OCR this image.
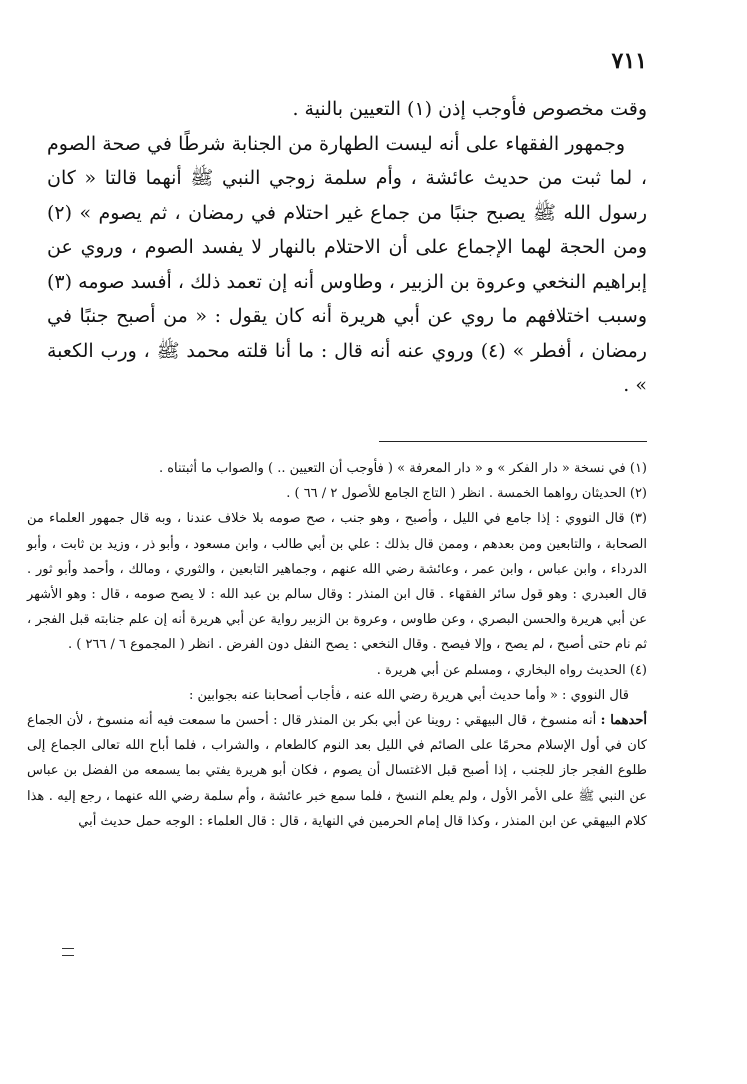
٧١١

وقت مخصوص فأوجب إذن (١) التعيين بالنية .

وجمهور الفقهاء على أنه ليست الطهارة من الجنابة شرطًا في صحة الصوم ، لما ثبت من حديث عائشة ، وأم سلمة زوجي النبي ﷺ أنهما قالتا « كان رسول الله ﷺ يصبح جنبًا من جماع غير احتلام في رمضان ، ثم يصوم » (٢) ومن الحجة لهما الإجماع على أن الاحتلام بالنهار لا يفسد الصوم ، وروي عن إبراهيم النخعي وعروة بن الزبير ، وطاوس أنه إن تعمد ذلك ، أفسد صومه (٣) وسبب اختلافهم ما روي عن أبي هريرة أنه كان يقول : « من أصبح جنبًا في رمضان ، أفطر » (٤) وروي عنه أنه قال : ما أنا قلته محمد ﷺ ، ورب الكعبة » .

(١) في نسخة « دار الفكر » و « دار المعرفة » ( فأوجب أن التعيين .. ) والصواب ما أثبتناه .

(٢) الحديثان رواهما الخمسة . انظر ( التاج الجامع للأصول ٢ / ٦٦ ) .

(٣) قال النووي : إذا جامع في الليل ، وأصبح ، وهو جنب ، صح صومه بلا خلاف عندنا ، وبه قال جمهور العلماء من الصحابة ، والتابعين ومن بعدهم ، وممن قال بذلك : علي بن أبي طالب ، وابن مسعود ، وأبو ذر ، وزيد بن ثابت ، وأبو الدرداء ، وابن عباس ، وابن عمر ، وعائشة رضي الله عنهم ، وجماهير التابعين ، والثوري ، ومالك ، وأحمد وأبو ثور . قال العبدري : وهو قول سائر الفقهاء . قال ابن المنذر : وقال سالم بن عبد الله : لا يصح صومه ، قال : وهو الأشهر عن أبي هريرة والحسن البصري ، وعن طاوس ، وعروة بن الزبير رواية عن أبي هريرة أنه إن علم جنابته قبل الفجر ، ثم نام حتى أصبح ، لم يصح ، وإلا فيصح . وقال النخعي : يصح النفل دون الفرض . انظر ( المجموع ٦ / ٢٦٦ ) .

(٤) الحديث رواه البخاري ، ومسلم عن أبي هريرة .

قال النووي : « وأما حديث أبي هريرة رضي الله عنه ، فأجاب أصحابنا عنه بجوابين :

أحدهما : أنه منسوخ ، قال البيهقي : روينا عن أبي بكر بن المنذر قال : أحسن ما سمعت فيه أنه منسوخ ، لأن الجماع كان في أول الإسلام محرمًا على الصائم في الليل بعد النوم كالطعام ، والشراب ، فلما أباح الله تعالى الجماع إلى طلوع الفجر جاز للجنب ، إذا أصبح قبل الاغتسال أن يصوم ، فكان أبو هريرة يفتي بما يسمعه من الفضل بن عباس عن النبي ﷺ على الأمر الأول ، ولم يعلم النسخ ، فلما سمع خبر عائشة ، وأم سلمة رضي الله عنهما ، رجع إليه . هذا كلام البيهقي عن ابن المنذر ، وكذا قال إمام الحرمين في النهاية ، قال : قال العلماء : الوجه حمل حديث أبي
